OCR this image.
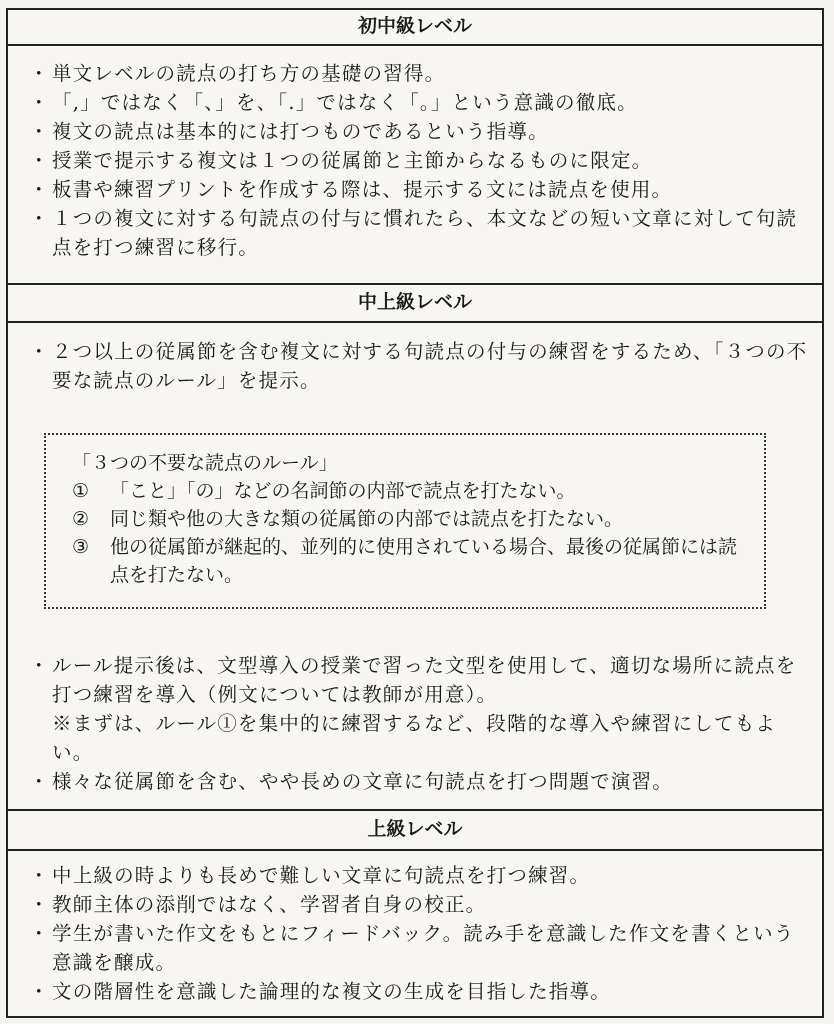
初中級レベル
・ 単文レベルの読点の打ち方の基礎の習得。
・ 「,」ではなく「、」を、「.」ではなく「。」という意識の徹底。
・ 複文の読点は基本的には打つものであるという指導。
・ 授業で提示する複文は１つの従属節と主節からなるものに限定。
・ 板書や練習プリントを作成する際は、提示する文には読点を使用。
・ １つの複文に対する句読点の付与に慣れたら、本文などの短い文章に対して句読点を打つ練習に移行。
中上級レベル
・ ２つ以上の従属節を含む複文に対する句読点の付与の練習をするため、「３つの不要な読点のルール」を提示。
「３つの不要な読点のルール」
① 「こと」「の」などの名詞節の内部で読点を打たない。
② 同じ類や他の大きな類の従属節の内部では読点を打たない。
③ 他の従属節が継起的、並列的に使用されている場合、最後の従属節には読点を打たない。
・ ルール提示後は、文型導入の授業で習った文型を使用して、適切な場所に読点を打つ練習を導入（例文については教師が用意）。
※まずは、ルール①を集中的に練習するなど、段階的な導入や練習にしてもよい。
・ 様々な従属節を含む、やや長めの文章に句読点を打つ問題で演習。
上級レベル
・ 中上級の時よりも長めで難しい文章に句読点を打つ練習。
・ 教師主体の添削ではなく、学習者自身の校正。
・ 学生が書いた作文をもとにフィードバック。読み手を意識した作文を書くという意識を醸成。
・ 文の階層性を意識した論理的な複文の生成を目指した指導。
